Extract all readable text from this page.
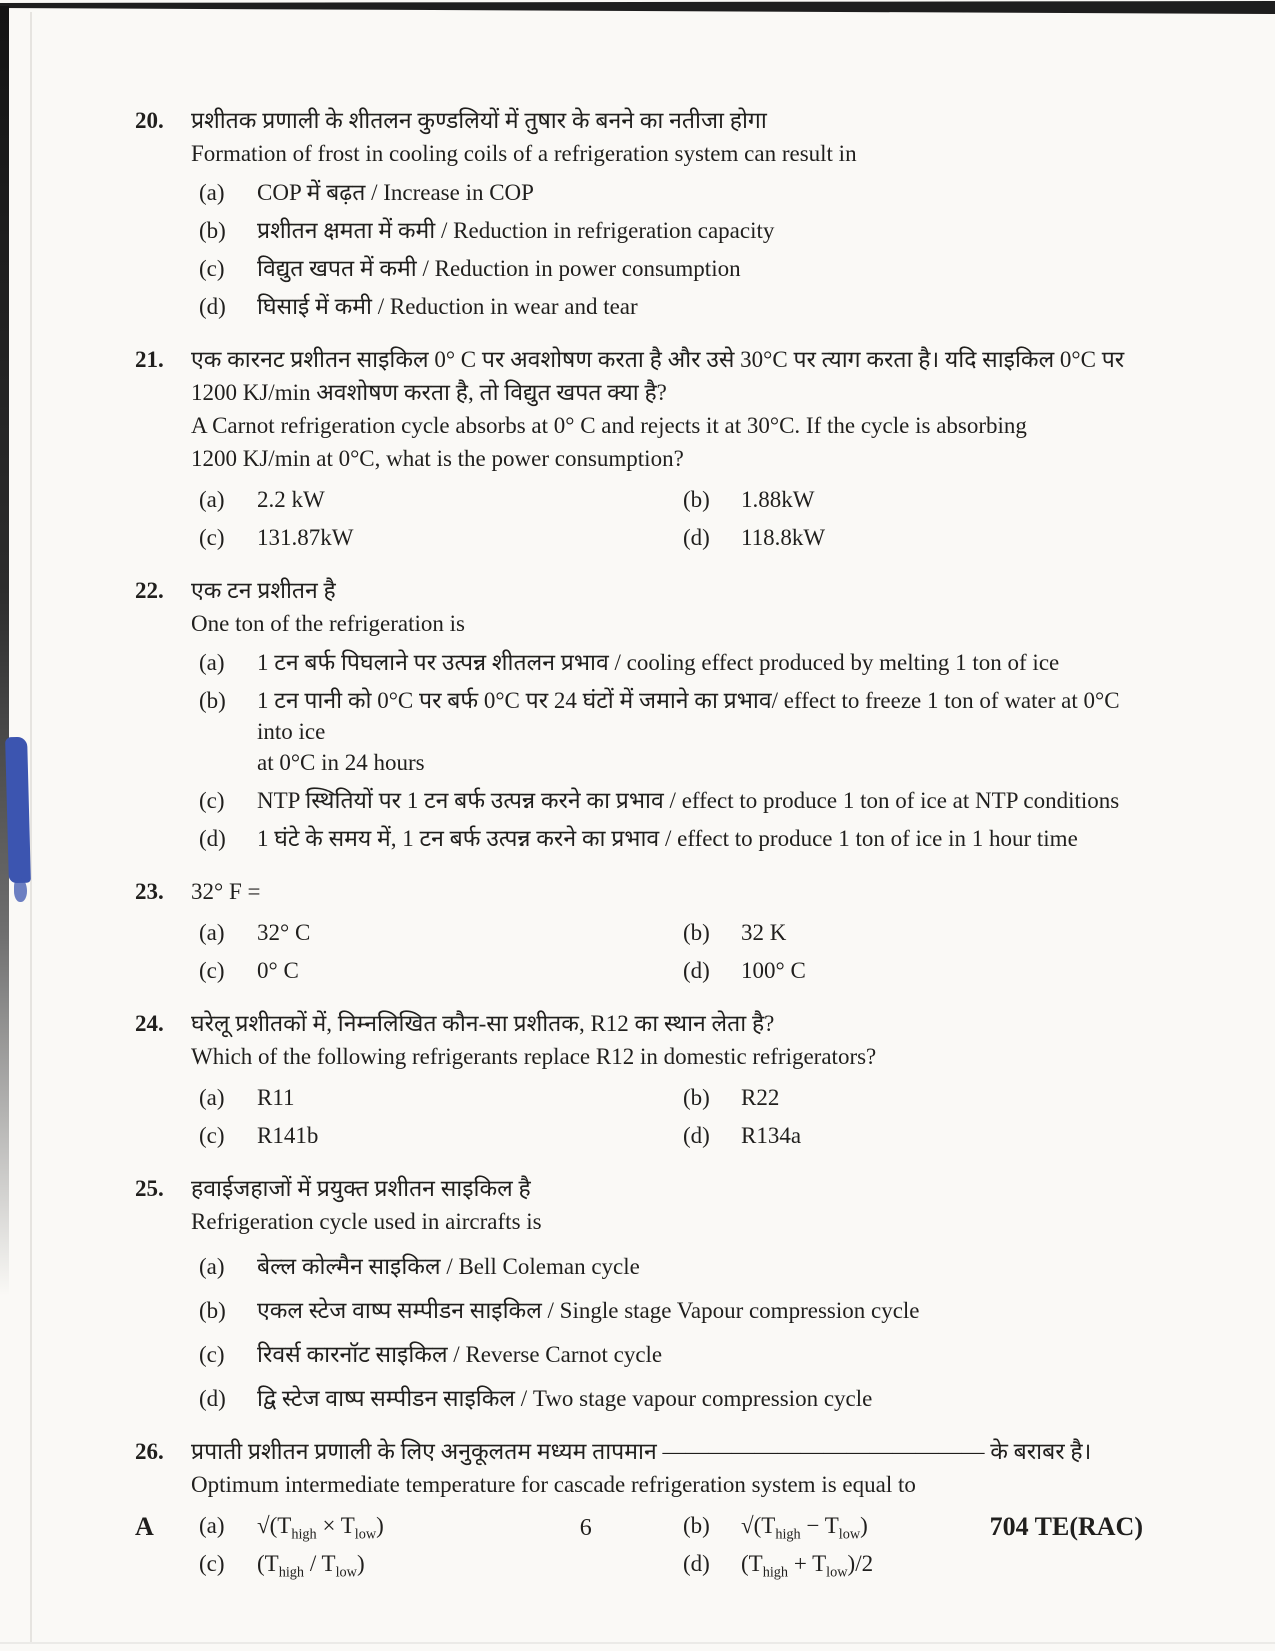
20.	प्रशीतक प्रणाली के शीतलन कुण्डलियों में तुषार के बनने का नतीजा होगा
Formation of frost in cooling coils of a refrigeration system can result in
(a)	COP में बढ़त / Increase in COP
(b)	प्रशीतन क्षमता में कमी / Reduction in refrigeration capacity
(c)	विद्युत खपत में कमी / Reduction in power consumption
(d)	घिसाई में कमी / Reduction in wear and tear
21.	एक कारनट प्रशीतन साइकिल 0° C पर अवशोषण करता है और उसे 30°C पर त्याग करता है। यदि साइकिल 0°C पर
1200 KJ/min अवशोषण करता है, तो विद्युत खपत क्या है?
A Carnot refrigeration cycle absorbs at 0° C and rejects it at 30°C. If the cycle is absorbing
1200 KJ/min at 0°C, what is the power consumption?
(a)	2.2 kW	(b)	1.88kW
(c)	131.87kW	(d)	118.8kW
22.	एक टन प्रशीतन है
One ton of the refrigeration is
(a)	1 टन बर्फ पिघलाने पर उत्पन्न शीतलन प्रभाव / cooling effect produced by melting 1 ton of ice
(b)	1 टन पानी को 0°C पर बर्फ 0°C पर 24 घंटों में जमाने का प्रभाव/ effect to freeze 1 ton of water at 0°C into ice
at 0°C in 24 hours
(c)	NTP स्थितियों पर 1 टन बर्फ उत्पन्न करने का प्रभाव / effect to produce 1 ton of ice at NTP conditions
(d)	1 घंटे के समय में, 1 टन बर्फ उत्पन्न करने का प्रभाव / effect to produce 1 ton of ice in 1 hour time
23.	32° F =
(a)	32° C	(b)	32 K
(c)	0° C	(d)	100° C
24.	घरेलू प्रशीतकों में, निम्नलिखित कौन-सा प्रशीतक, R12 का स्थान लेता है?
Which of the following refrigerants replace R12 in domestic refrigerators?
(a)	R11	(b)	R22
(c)	R141b	(d)	R134a
25.	हवाईजहाजों में प्रयुक्त प्रशीतन साइकिल है
Refrigeration cycle used in aircrafts is
(a)	बेल्ल कोल्मैन साइकिल / Bell Coleman cycle
(b)	एकल स्टेज वाष्प सम्पीडन साइकिल / Single stage Vapour compression cycle
(c)	रिवर्स कारनॉट साइकिल / Reverse Carnot cycle
(d)	द्वि स्टेज वाष्प सम्पीडन साइकिल / Two stage vapour compression cycle
26.	प्रपाती प्रशीतन प्रणाली के लिए अनुकूलतम मध्यम तापमान —————————————— के बराबर है।
Optimum intermediate temperature for cascade refrigeration system is equal to
(a)	$√(T_{high} \times T_{low})$	(b)	$√(T_{high} - T_{low})$
(c)	$(T_{high} / T_{low})$	(d)	$(T_{high} + T_{low})/2$
A	6	704 TE(RAC)
